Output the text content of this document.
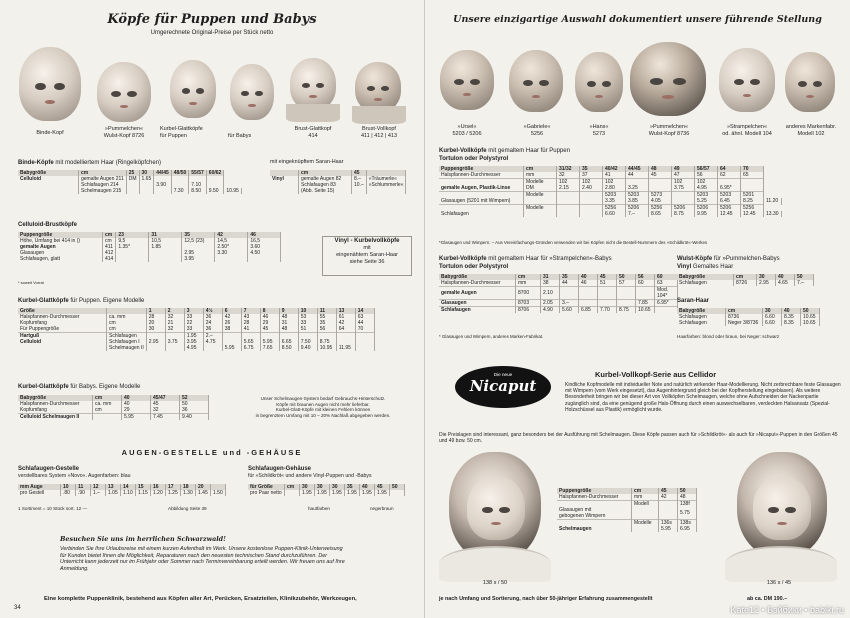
Köpfe für Puppen und Babys
Umgerechnete Original-Preise per Stück netto
Binde-Kopf
»Pummelchen«
Wulst-Kopf 8726
Kurbel-Glattköpfe
für Puppen	für Babys
Brust-Glattkopf
414
Brust-Vollkopf
411 | 412 | 413
Binde-Köpfe mit modelliertem Haar (Ringelköpfchen)
Babygröße	cm	25	30	44/45	48/50	55/57	60/62	
Celluloid	gemalte Augen 211	DM	1.65					
	Schlafaugen 214			3.90		7.10		
	Schelmaugen 215				7.30	8.50	9.50	10.95
mit eingeknüpftem Saran-Haar
	cm	45	
Vinyl	gemalte Augen 82	8.–	»Träumerle«
	Schlafaugen 83	10.–	»Schlummerle«
	(Abb. Seite 15)		
Celluloid-Brustköpfe
Puppengröße	cm	23	31	35	42	46
Höhe, Umfang bei 414 in ()	cm	9,5	10,5	12,5 (23)	14,5	16,5
gemalte Augen	411	1.35*	1.85		2.50*	3.60
Glasaugen	412			2.95	3.30	4.50
Schlafaugen, glatt	414			3.95		
* soweit Vorrat
Vinyl - Kurbelvollköpfe
mit
eingenähtem Saran-Haar
siehe Seite 36
Kurbel-Glattköpfe für Puppen. Eigene Modelle
Größe		1	2	3	4½	6	7	8	9	10	11	13	14
Halspfannen-Durchmesser	ca. mm	28	32	33	36	42	43	46	48	53	55	61	63
Kopfumfang	cm	20	21	22	24	26	28	29	31	33	35	42	44
Für Puppengröße	cm	30	32	33	36	38	41	45	48	51	56	64	70
Hartguß	Schlafaugen			1.95	2.–								
Celluloid	Schlafaugen I	2.95	3.75	3.95	4.75		5.65	5.95	6.65	7.50	8.75		
	Schelmaugen II			4.95		5.95	6.75	7.65	8.50	9.40	10.95	11.95	
Kurbel-Glattköpfe für Babys. Eigene Modelle
Babygröße	cm	40	45/47	52
Halspfannen-Durchmesser	ca. mm	40	45	50
Kopfumfang	cm	29	32	36
Celluloid Schelmaugen II		5.95	7.45	9.40
Unser Schelmaugen-System bedarf Gebrauchs-Hinterschutz.
Köpfe mit braunen Augen nicht mehr lieferbar.
Kurbel-Glatt-Köpfe mit kleinen Fehlern können
in begrenztem Umfang mit 10 – 20% Nachlaß abgegeben werden.
AUGEN-GESTELLE und -GEHÄUSE
Schlafaugen-Gestelle
verstellbares System »Novo«. Augenfarben: blau
mm Auge	10	11	12	13	14	15	16	17	18	20	
pro Gestell	.80	.90	1.–	1.05	1.10	1.15	1.20	1.25	1.30	1.45	1.50
1 Sortiment = 10 Stück sort. 12 —	Abbildung Seite 39
Schlafaugen-Gehäuse
für »Schildkröt« und andere Vinyl-Puppen und -Babys
für Größe	cm	30	30	30	35	40	45	50
pro Paar netto		1.95	1.95	1.95	1.95	1.95	1.95	
hautfarben	negerbraun
Besuchen Sie uns im herrlichen Schwarzwald!
Verbinden Sie Ihre Urlaubsreise mit einem kurzen Aufenthalt im Werk. Unsere kostenlose Puppen-Klinik-Unterweisung für Kunden bietet Ihnen die Möglichkeit, Reparaturen nach den neuesten technischen Stand durchzuführen. Der Unterricht kann jederzeit nur im Frühjahr oder Sommer nach Terminvereinbarung erteilt werden. Wir freuen uns auf Ihre Anmeldung.
Eine komplette Puppenklinik, bestehend aus Köpfen aller Art, Perücken, Ersatzteilen, Klinikzubehör, Werkzeugen,
34
Unsere einzigartige Auswahl dokumentiert unsere führende Stellung
»Ursel«
5203 / 5206
»Gabriele«
5256
»Hans«
5273
»Pummelchen«
Wulst-Kopf 8736
»Strampelchen«
od. ähnl. Modell 104
anderes Markenfabr.
Modell 102
Kurbel-Vollköpfe mit gemaltem Haar für Puppen
Tortulon oder Polystyrol
Puppengröße	cm	31/32	35	40/42	44/45	48	49	56/57	64	70	
Halspfannen-Durchmesser	mm	32	37	41	44	45	47	56	62	65	
	Modelle	102	102	102			102	102			
gemalte Augen, Plastik-Linse	DM	2.15	2.40	2.80	3.25		3.75	4.95	6.95*		
	Modelle			5203	5203	5273		5203	5203	5201	
Glasaugen (5201 mit Wimpern)				3.35	3.85	4.05		5.25	6.45	8.25	11.20
	Modelle			5256	5206	5256	5206	5206	5206	5256	
Schlafaugen				6.60	7.–	8.65	8.75	9.95	12.45	12.45	13.30
*Glasaugen und Wimpern. – Aus Vereinfachungs-Gründen verwenden wir bei Köpfen nicht die Bestell-Nummern des »Schildkröt«-Werkes
Kurbel-Vollköpfe mit gemaltem Haar für »Strampelchen«-Babys
Tortulon oder Polystyrol
Babygröße	cm	31	35	40	45	50	56	60
Halspfannen-Durchmesser	mm	38	44	46	51	57	60	63
gemalte Augen	8700	2.10						Mod. 104*
Glasaugen	8703	2.05	3.–				7.85	6.95*
Schlafaugen	8706	4.90	5.60	6.85	7.70	8.75	10.65	
* Glasaugen und Wimpern, anderes Marken-Fabrikat.
Wulst-Köpfe für »Pummelchen-Babys
Vinyl Gemaltes Haar
Babygröße	cm	30	40	50
Schlafaugen	8726	2.95	4.65	7.–
Saran-Haar
Babygröße	cm	30	40	50
Schlafaugen	8736	6.60	8.35	10.65
Schlafaugen	Neger 3/8736	6.60	8.35	10.65
Haarfarben: blond oder braun, bei Neger: schwarz
Die neue
Nicaput
Kurbel-Vollkopf-Serie aus Cellidor
Kindliche Kopfmodelle mit individueller Note und natürlich wirkender Haar-Modellierung. Nicht zerbrechbare feste Glasaugen mit Wimpern (vom Werk eingesetzt), das Augenhintergrund gleich bei der Kopfherstellung eingeblasen). Als weitere Besonderheit bringen wir bei dieser Art von Vollköpfen Schelmaugen, welche ohne Aufschneiden der Nackenpartie zugänglich sind, da eine genügend große Hals-Öffnung durch einen auswechselbaren, verdeckten Halsansatz (Spezial-Holzschüssel aus Plastik) ermöglicht wurde.
Die Preislagen sind interessant, ganz besonders bei der Ausführung mit Schelmaugen. Diese Köpfe passen auch für »Schildkröt«- als auch für »Nicaput«-Puppen in den Größen 45 und 49 bzw. 50 cm.
138 s / 50
Puppengröße	cm	45	50
Halspfannen-Durchmesser	mm	42	48
	Modell		138f
Glasaugen mit
gebogenen Wimpern			5.75
	Modelle	136s	138s
Schelmaugen		5.95	6.95
136 s / 45
je nach Umfang und Sortierung, nach über 50-jähriger Erfahrung zusammengestellt	ab ca. DM 190.–
Kate12 • Бэйбики • babiki.ru
